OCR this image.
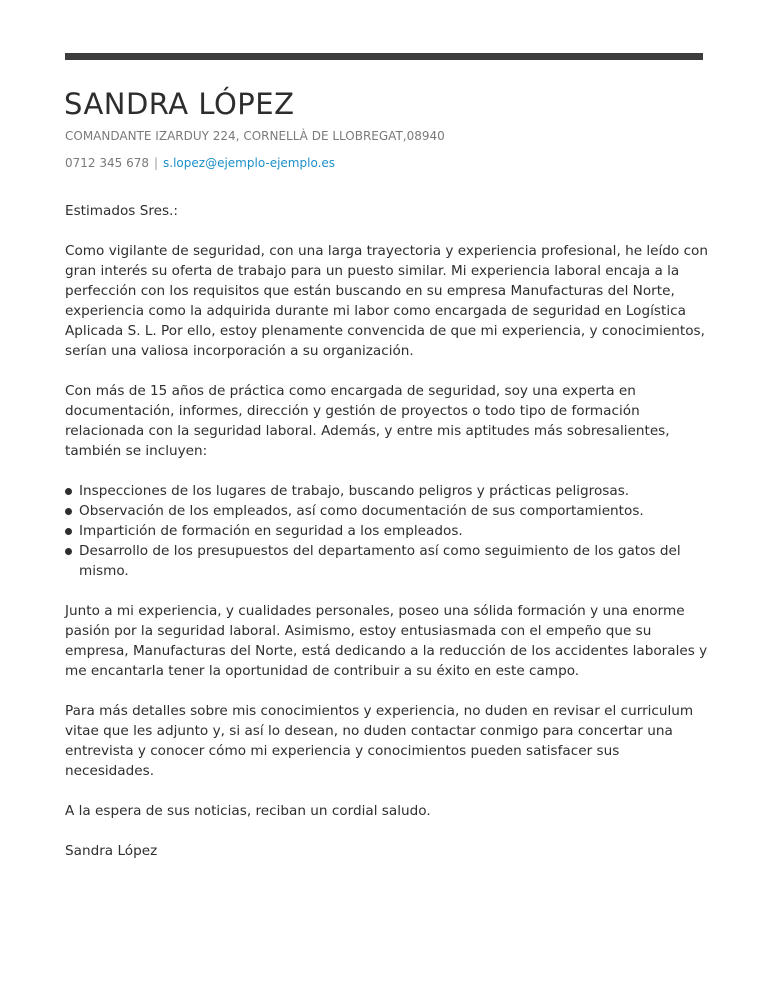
SANDRA LÓPEZ
COMANDANTE IZARDUY 224, CORNELLÀ DE LLOBREGAT,08940
0712 345 678 | s.lopez@ejemplo-ejemplo.es

Estimados Sres.:

Como vigilante de seguridad, con una larga trayectoria y experiencia profesional, he leído con gran interés su oferta de trabajo para un puesto similar. Mi experiencia laboral encaja a la perfección con los requisitos que están buscando en su empresa Manufacturas del Norte, experiencia como la adquirida durante mi labor como encargada de seguridad en Logística Aplicada S. L. Por ello, estoy plenamente convencida de que mi experiencia, y conocimientos, serían una valiosa incorporación a su organización.

Con más de 15 años de práctica como encargada de seguridad, soy una experta en documentación, informes, dirección y gestión de proyectos o todo tipo de formación relacionada con la seguridad laboral. Además, y entre mis aptitudes más sobresalientes, también se incluyen:

Inspecciones de los lugares de trabajo, buscando peligros y prácticas peligrosas.
Observación de los empleados, así como documentación de sus comportamientos.
Impartición de formación en seguridad a los empleados.
Desarrollo de los presupuestos del departamento así como seguimiento de los gatos del mismo.

Junto a mi experiencia, y cualidades personales, poseo una sólida formación y una enorme pasión por la seguridad laboral. Asimismo, estoy entusiasmada con el empeño que su empresa, Manufacturas del Norte, está dedicando a la reducción de los accidentes laborales y me encantarIa tener la oportunidad de contribuir a su éxito en este campo.

Para más detalles sobre mis conocimientos y experiencia, no duden en revisar el curriculum vitae que les adjunto y, si así lo desean, no duden contactar conmigo para concertar una entrevista y conocer cómo mi experiencia y conocimientos pueden satisfacer sus necesidades.

A la espera de sus noticias, reciban un cordial saludo.

Sandra López
